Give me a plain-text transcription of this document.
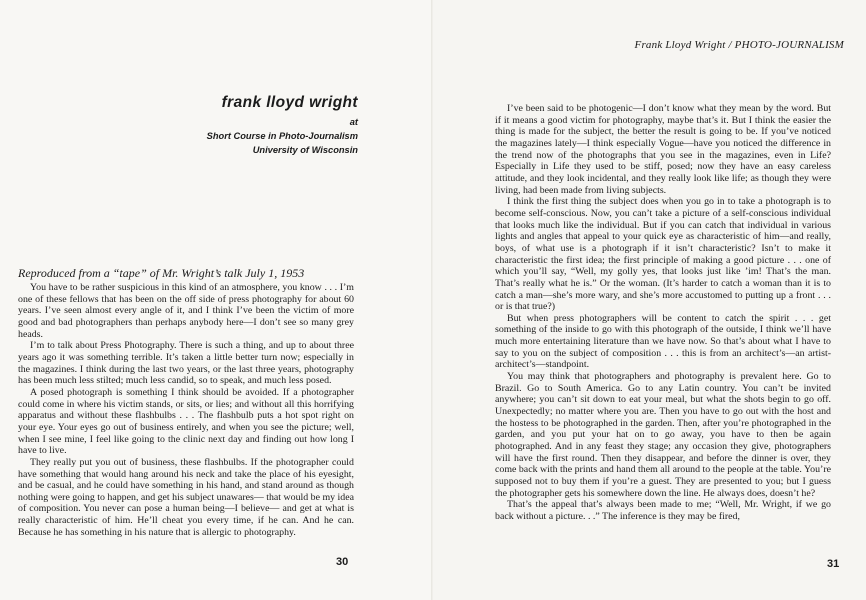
frank lloyd wright
at
Short Course in Photo-Journalism
University of Wisconsin
Reproduced from a “tape” of Mr. Wright’s talk July 1, 1953

You have to be rather suspicious in this kind of an atmosphere, you know . . . I’m one of these fellows that has been on the off side of press photography for about 60 years. I’ve seen almost every angle of it, and I think I’ve been the victim of more good and bad photographers than perhaps anybody here—I don’t see so many grey heads.

I’m to talk about Press Photography. There is such a thing, and up to about three years ago it was something terrible. It’s taken a little better turn now; especially in the magazines. I think during the last two years, or the last three years, photography has been much less stilted; much less candid, so to speak, and much less posed.

A posed photograph is something I think should be avoided. If a photographer could come in where his victim stands, or sits, or lies; and without all this horrifying apparatus and without these flashbulbs . . . The flashbulb puts a hot spot right on your eye. Your eyes go out of business entirely, and when you see the picture; well, when I see mine, I feel like going to the clinic next day and finding out how long I have to live.

They really put you out of business, these flashbulbs. If the photographer could have something that would hang around his neck and take the place of his eyesight, and be casual, and he could have something in his hand, and stand around as though nothing were going to happen, and get his subject unawares— that would be my idea of composition. You never can pose a human being—I believe— and get at what is really characteristic of him. He’ll cheat you every time, if he can. And he can. Because he has something in his nature that is allergic to photography.

30
Frank Lloyd Wright / PHOTO-JOURNALISM

I’ve been said to be photogenic—I don’t know what they mean by the word. But if it means a good victim for photography, maybe that’s it. But I think the easier the thing is made for the subject, the better the result is going to be. If you’ve noticed the magazines lately—I think especially Vogue—have you noticed the difference in the trend now of the photographs that you see in the magazines, even in Life? Especially in Life they used to be stiff, posed; now they have an easy careless attitude, and they look incidental, and they really look like life; as though they were living, had been made from living subjects.

I think the first thing the subject does when you go in to take a photograph is to become self-conscious. Now, you can’t take a picture of a self-conscious individual that looks much like the individual. But if you can catch that individual in various lights and angles that appeal to your quick eye as characteristic of him—and really, boys, of what use is a photograph if it isn’t characteristic? Isn’t to make it characteristic the first idea; the first principle of making a good picture . . . one of which you’ll say, “Well, my golly yes, that looks just like ’im! That’s the man. That’s really what he is.” Or the woman. (It’s harder to catch a woman than it is to catch a man—she’s more wary, and she’s more accustomed to putting up a front . . . or is that true?)

But when press photographers will be content to catch the spirit . . . get something of the inside to go with this photograph of the outside, I think we’ll have much more entertaining literature than we have now. So that’s about what I have to say to you on the subject of composition . . . this is from an architect’s—an artist-architect’s—standpoint.

You may think that photographers and photography is prevalent here. Go to Brazil. Go to South America. Go to any Latin country. You can’t be invited anywhere; you can’t sit down to eat your meal, but what the shots begin to go off. Unexpectedly; no matter where you are. Then you have to go out with the host and the hostess to be photographed in the garden. Then, after you’re photographed in the garden, and you put your hat on to go away, you have to then be again photographed. And in any feast they stage; any occasion they give, photographers will have the first round. Then they disappear, and before the dinner is over, they come back with the prints and hand them all around to the people at the table. You’re supposed not to buy them if you’re a guest. They are presented to you; but I guess the photographer gets his somewhere down the line. He always does, doesn’t he?

That’s the appeal that’s always been made to me; “Well, Mr. Wright, if we go back without a picture. . .” The inference is they may be fired,

31
